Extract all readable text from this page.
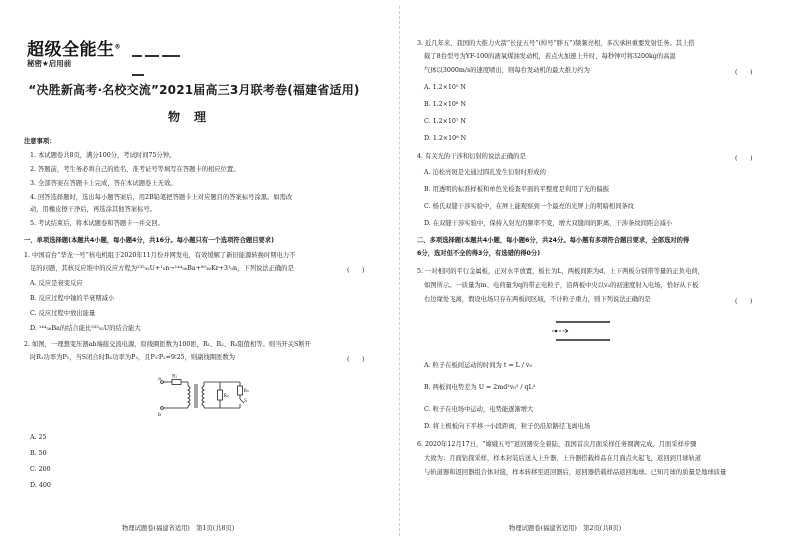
超级全能生®
秘密★启用前
“决胜新高考·名校交流”2021届高三3月联考卷(福建省适用)
物理
注意事项：
1. 本试题卷共8页，满分100分，考试时间75分钟。
2. 答题前，考生务必将自己的姓名、准考证号等填写在答题卡的相应位置。
3. 全部答案在答题卡上完成，答在本试题卷上无效。
4. 回答选择题时，选出每小题答案后，用2B铅笔把答题卡上对应题目的答案标号涂黑。如需改
动，用橡皮擦干净后，再选涂其他答案标号。
5. 考试结束后，将本试题卷和答题卡一并交回。
一、单项选择题(本题共4小题，每小题4分，共16分。每小题只有一个选项符合题目要求)
1. 中国首台“华龙一号”核电机组于2020年11月份并网发电，有效缓解了新旧能源转换时期电力不
足的问题，其核反应堆中的反应方程为²³⁵₉₂U+¹₀n→¹⁴⁴₅₆Ba+⁸⁹₃₆Kr+3¹₀n，下列说法正确的是	(　　)
A. 反应是衰变反应
B. 反应过程中铀的半衰期减小
C. 反应过程中放出能量
D. ¹⁴⁴₅₆Ba的结合能比²³⁵₉₂U的结合能大
2. 如图，一理想变压器ab端接交流电源，原线圈匝数为100匝，R₁、R₂、R₃阻值相等。则当开关S断开
时R₁功率为P₁，当S闭合时R₁功率为P₂，且P₁∶P₂=9∶25，则副线圈匝数为	(　　)
a
b
R₁
R₂
R₃
S
A. 25
B. 50
C. 200
D. 400
物理试题卷(福建省适用)　第1页(共8页)
3. 近几年来，我国的大推力火箭“长征五号”(绰号“胖五”)频频亮相，多次承担重要发射任务。其上搭
载了8台型号为YF-100的液氧煤油发动机，若点火加速上升时，每秒钟可将3200kg的高温
气体以3000m/s的速度喷出，则每台发动机的最大推力约为	(　　)
A. 1.2×10⁵ N
B. 1.2×10⁶ N
C. 1.2×10⁷ N
D. 1.2×10⁸ N
4. 有关光的干涉和衍射的说法正确的是	(　　)
A. 泊松亮斑是光通过圆孔发生衍射时形成的
B. 用透明的标准样板和单色光检查平面的平整度是利用了光的偏振
C. 杨氏双缝干涉实验中，在屏上能观察到一个最亮的光屏上的明暗相间条纹
D. 在双缝干涉实验中，保持入射光的频率不变，增大双缝间的距离，干涉条纹间距会减小
二、多项选择题(本题共4小题，每小题6分，共24分。每小题有多项符合题目要求，全部选对的得
6分，选对但不全的得3分，有选错的得0分)
5. 一对相同的平行金属板，正对水平放置，板长为L，两板间距为d，上下两板分别带等量的正负电荷，
如图所示。一质量为m、电荷量为q的带正电粒子，沿两板中央以v₀的初速度射入电场，恰好从下板
右边缘处飞离，假设电场只存在两板间区域，不计粒子重力，则下列说法正确的是	(　　)
A. 粒子在板间运动的时间为 t = L / v₀
B. 两板间电势差为 U = 2md²v₀² / qL²
C. 粒子在电场中运动，电势能逐渐增大
D. 将上极板向下平移一小段距离，粒子仍沿原路径飞离电场
6. 2020年12月17日，“嫦娥五号”返回器安全着陆，我国首次月面采样任务圆满完成。月面采样步骤
大致为：月面钻探采样，样本封装后送入上升器，上升器搭载样品在月面点火起飞，返回到月球轨道
与轨道器和返回器组合体对接，样本转移至返回器后，返回器搭载样品返回地球。已知月球的质量是地球质量
物理试题卷(福建省适用)　第2页(共8页)
